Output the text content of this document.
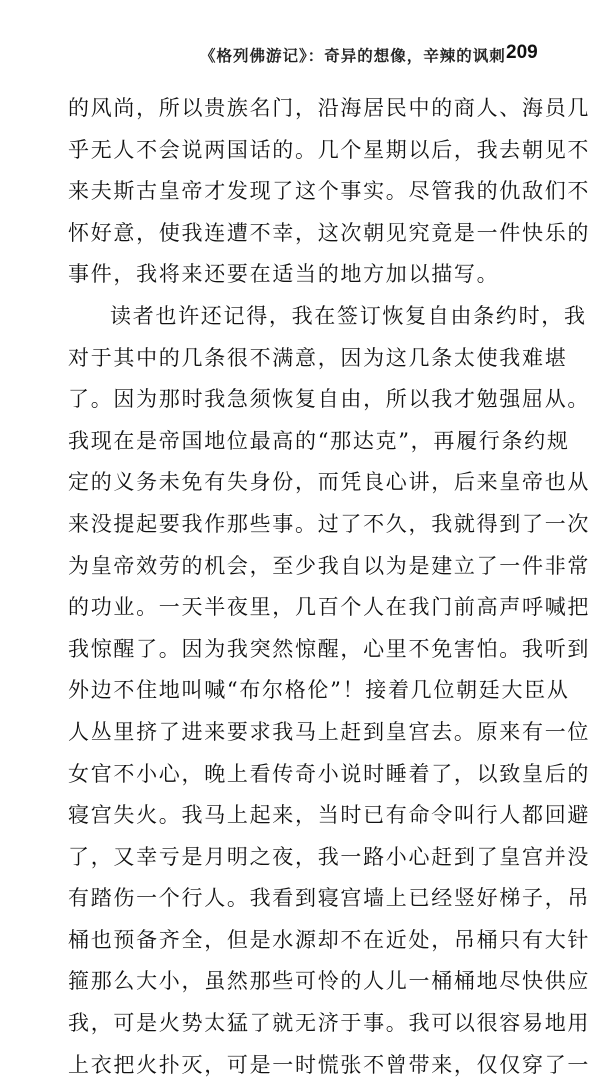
《格列佛游记》：奇异的想像，辛辣的讽刺 209
的风尚，所以贵族名门，沿海居民中的商人、海员几
乎无人不会说两国话的。几个星期以后，我去朝见不
来夫斯古皇帝才发现了这个事实。尽管我的仇敌们不
怀好意，使我连遭不幸，这次朝见究竟是一件快乐的
事件，我将来还要在适当的地方加以描写。
读者也许还记得，我在签订恢复自由条约时，我
对于其中的几条很不满意，因为这几条太使我难堪
了。因为那时我急须恢复自由，所以我才勉强屈从。
我现在是帝国地位最高的“那达克”，再履行条约规
定的义务未免有失身份，而凭良心讲，后来皇帝也从
来没提起要我作那些事。过了不久，我就得到了一次
为皇帝效劳的机会，至少我自以为是建立了一件非常
的功业。一天半夜里，几百个人在我门前高声呼喊把
我惊醒了。因为我突然惊醒，心里不免害怕。我听到
外边不住地叫喊“布尔格伦”！接着几位朝廷大臣从
人丛里挤了进来要求我马上赶到皇宫去。原来有一位
女官不小心，晚上看传奇小说时睡着了，以致皇后的
寝宫失火。我马上起来，当时已有命令叫行人都回避
了，又幸亏是月明之夜，我一路小心赶到了皇宫并没
有踏伤一个行人。我看到寝宫墙上已经竖好梯子，吊
桶也预备齐全，但是水源却不在近处，吊桶只有大针
箍那么大小，虽然那些可怜的人儿一桶桶地尽快供应
我，可是火势太猛了就无济于事。我可以很容易地用
上衣把火扑灭，可是一时慌张不曾带来，仅仅穿了一
